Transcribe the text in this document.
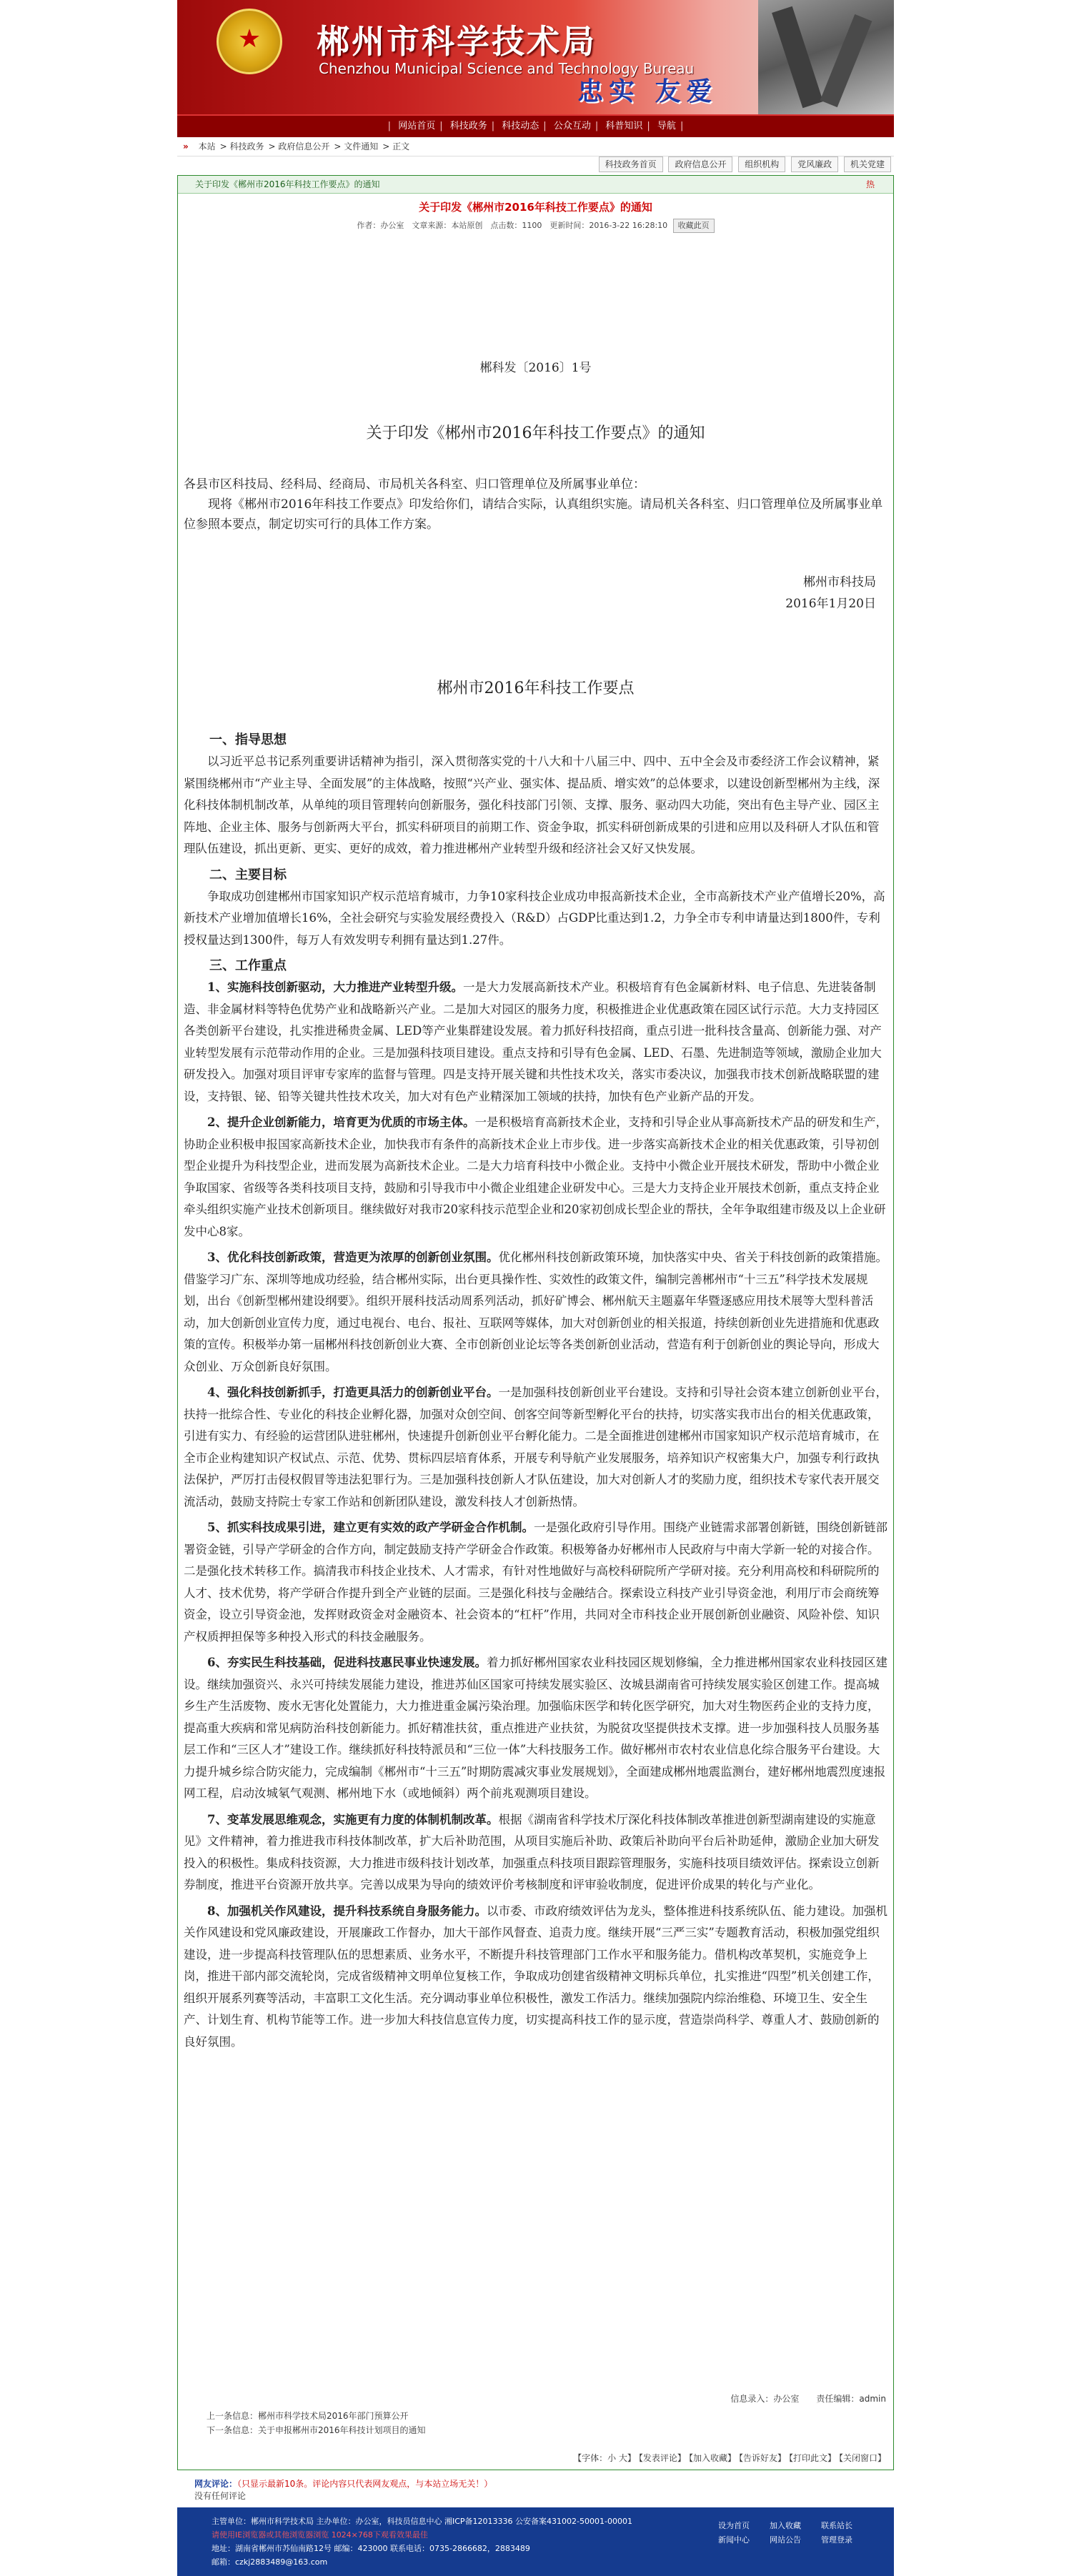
★	郴州市科学技术局
Chenzhou Municipal Science and Technology Bureau
忠实 友爱
| 网站首页 | 科技政务 | 科技动态 | 公众互动 | 科普知识 | 导航 |
» 本站 > 科技政务 > 政府信息公开 > 文件通知 > 正文
科技政务首页 政府信息公开 组织机构 党风廉政 机关党建
关于印发《郴州市2016年科技工作要点》的通知	热
关于印发《郴州市2016年科技工作要点》的通知
作者：办公室　文章来源：本站原创　点击数：1100　更新时间：2016-3-22 16:28:10 收藏此页
郴科发〔2016〕1号
关于印发《郴州市2016年科技工作要点》的通知
各县市区科技局、经科局、经商局、市局机关各科室、归口管理单位及所属事业单位：

现将《郴州市2016年科技工作要点》印发给你们，请结合实际，认真组织实施。请局机关各科室、归口管理单位及所属事业单位参照本要点，制定切实可行的具体工作方案。

郴州市科技局
2016年1月20日
郴州市2016年科技工作要点

一、指导思想

以习近平总书记系列重要讲话精神为指引，深入贯彻落实党的十八大和十八届三中、四中、五中全会及市委经济工作会议精神，紧紧围绕郴州市“产业主导、全面发展”的主体战略，按照“兴产业、强实体、提品质、增实效”的总体要求，以建设创新型郴州为主线，深化科技体制机制改革，从单纯的项目管理转向创新服务，强化科技部门引领、支撑、服务、驱动四大功能，突出有色主导产业、园区主阵地、企业主体、服务与创新两大平台，抓实科研项目的前期工作、资金争取，抓实科研创新成果的引进和应用以及科研人才队伍和管理队伍建设，抓出更新、更实、更好的成效，着力推进郴州产业转型升级和经济社会又好又快发展。

二、主要目标

争取成功创建郴州市国家知识产权示范培育城市，力争10家科技企业成功申报高新技术企业，全市高新技术产业产值增长20%，高新技术产业增加值增长16%，全社会研究与实验发展经费投入（R&D）占GDP比重达到1.2，力争全市专利申请量达到1800件，专利授权量达到1300件，每万人有效发明专利拥有量达到1.27件。

三、工作重点

1、实施科技创新驱动，大力推进产业转型升级。一是大力发展高新技术产业。积极培育有色金属新材料、电子信息、先进装备制造、非金属材料等特色优势产业和战略新兴产业。二是加大对园区的服务力度，积极推进企业优惠政策在园区试行示范。大力支持园区各类创新平台建设，扎实推进稀贵金属、LED等产业集群建设发展。着力抓好科技招商，重点引进一批科技含量高、创新能力强、对产业转型发展有示范带动作用的企业。三是加强科技项目建设。重点支持和引导有色金属、LED、石墨、先进制造等领域，激励企业加大研发投入。加强对项目评审专家库的监督与管理。四是支持开展关键和共性技术攻关，落实市委决议，加强我市技术创新战略联盟的建设，支持银、铋、铅等关键共性技术攻关，加大对有色产业精深加工领域的扶持，加快有色产业新产品的开发。

2、提升企业创新能力，培育更为优质的市场主体。一是积极培育高新技术企业，支持和引导企业从事高新技术产品的研发和生产，协助企业积极申报国家高新技术企业，加快我市有条件的高新技术企业上市步伐。进一步落实高新技术企业的相关优惠政策，引导初创型企业提升为科技型企业，进而发展为高新技术企业。二是大力培育科技中小微企业。支持中小微企业开展技术研发，帮助中小微企业争取国家、省级等各类科技项目支持，鼓励和引导我市中小微企业组建企业研发中心。三是大力支持企业开展技术创新，重点支持企业牵头组织实施产业技术创新项目。继续做好对我市20家科技示范型企业和20家初创成长型企业的帮扶，全年争取组建市级及以上企业研发中心8家。

3、优化科技创新政策，营造更为浓厚的创新创业氛围。优化郴州科技创新政策环境，加快落实中央、省关于科技创新的政策措施。借鉴学习广东、深圳等地成功经验，结合郴州实际，出台更具操作性、实效性的政策文件，编制完善郴州市“十三五”科学技术发展规划，出台《创新型郴州建设纲要》。组织开展科技活动周系列活动，抓好矿博会、郴州航天主题嘉年华暨逐感应用技术展等大型科普活动，加大创新创业宣传力度，通过电视台、电台、报社、互联网等媒体，加大对创新创业的相关报道，持续创新创业先进措施和优惠政策的宣传。积极举办第一届郴州科技创新创业大赛、全市创新创业论坛等各类创新创业活动，营造有利于创新创业的舆论导向，形成大众创业、万众创新良好氛围。

4、强化科技创新抓手，打造更具活力的创新创业平台。一是加强科技创新创业平台建设。支持和引导社会资本建立创新创业平台，扶持一批综合性、专业化的科技企业孵化器，加强对众创空间、创客空间等新型孵化平台的扶持，切实落实我市出台的相关优惠政策，引进有实力、有经验的运营团队进驻郴州，快速提升创新创业平台孵化能力。二是全面推进创建郴州市国家知识产权示范培育城市，在全市企业构建知识产权试点、示范、优势、贯标四层培育体系，开展专利导航产业发展服务，培养知识产权密集大户，加强专利行政执法保护，严厉打击侵权假冒等违法犯罪行为。三是加强科技创新人才队伍建设，加大对创新人才的奖励力度，组织技术专家代表开展交流活动，鼓励支持院士专家工作站和创新团队建设，激发科技人才创新热情。

5、抓实科技成果引进，建立更有实效的政产学研金合作机制。一是强化政府引导作用。围绕产业链需求部署创新链，围绕创新链部署资金链，引导产学研金的合作方向，制定鼓励支持产学研金合作政策。积极筹备办好郴州市人民政府与中南大学新一轮的对接合作。二是强化技术转移工作。搞清我市科技企业技术、人才需求，有针对性地做好与高校科研院所产学研对接。充分利用高校和科研院所的人才、技术优势，将产学研合作提升到全产业链的层面。三是强化科技与金融结合。探索设立科技产业引导资金池，利用厅市会商统筹资金，设立引导资金池，发挥财政资金对金融资本、社会资本的“杠杆”作用，共同对全市科技企业开展创新创业融资、风险补偿、知识产权质押担保等多种投入形式的科技金融服务。

6、夯实民生科技基础，促进科技惠民事业快速发展。着力抓好郴州国家农业科技园区规划修编，全力推进郴州国家农业科技园区建设。继续加强资兴、永兴可持续发展能力建设，推进苏仙区国家可持续发展实验区、汝城县湖南省可持续发展实验区创建工作。提高城乡生产生活废物、废水无害化处置能力，大力推进重金属污染治理。加强临床医学和转化医学研究，加大对生物医药企业的支持力度，提高重大疾病和常见病防治科技创新能力。抓好精准扶贫，重点推进产业扶贫，为脱贫攻坚提供技术支撑。进一步加强科技人员服务基层工作和“三区人才”建设工作。继续抓好科技特派员和“三位一体”大科技服务工作。做好郴州市农村农业信息化综合服务平台建设。大力提升城乡综合防灾能力，完成编制《郴州市“十三五”时期防震减灾事业发展规划》，全面建成郴州地震监测台，建好郴州地震烈度速报网工程，启动汝城氡气观测、郴州地下水（或地倾斜）两个前兆观测项目建设。

7、变革发展思维观念，实施更有力度的体制机制改革。根据《湖南省科学技术厅深化科技体制改革推进创新型湖南建设的实施意见》文件精神，着力推进我市科技体制改革，扩大后补助范围，从项目实施后补助、政策后补助向平台后补助延伸，激励企业加大研发投入的积极性。集成科技资源，大力推进市级科技计划改革，加强重点科技项目跟踪管理服务，实施科技项目绩效评估。探索设立创新券制度，推进平台资源开放共享。完善以成果为导向的绩效评价考核制度和评审验收制度，促进评价成果的转化与产业化。

8、加强机关作风建设，提升科技系统自身服务能力。以市委、市政府绩效评估为龙头，整体推进科技系统队伍、能力建设。加强机关作风建设和党风廉政建设，开展廉政工作督办，加大干部作风督查、追责力度。继续开展“三严三实”专题教育活动，积极加强党组织建设，进一步提高科技管理队伍的思想素质、业务水平，不断提升科技管理部门工作水平和服务能力。借机构改革契机，实施竞争上岗，推进干部内部交流轮岗，完成省级精神文明单位复核工作，争取成功创建省级精神文明标兵单位，扎实推进“四型”机关创建工作，组织开展系列赛等活动，丰富职工文化生活。充分调动事业单位积极性，激发工作活力。继续加强院内综治维稳、环境卫生、安全生产、计划生育、机构节能等工作。进一步加大科技信息宣传力度，切实提高科技工作的显示度，营造崇尚科学、尊重人才、鼓励创新的良好氛围。

信息录入：办公室　　责任编辑：admin
上一条信息：郴州市科学技术局2016年部门预算公开
下一条信息：关于申报郴州市2016年科技计划项目的通知
【字体：小 大】 【发表评论】 【加入收藏】 【告诉好友】 【打印此文】 【关闭窗口】
网友评论：（只显示最新10条。评论内容只代表网友观点，与本站立场无关！）
没有任何评论
主管单位：郴州市科学技术局 主办单位：办公室，科技员信息中心 湘ICP备12013336 公安备案431002-50001-00001
请使用IE浏览器或其他浏览器浏览 1024×768下观看效果最佳
地址：湖南省郴州市苏仙南路12号 邮编：423000 联系电话：0735-2866682，2883489
邮箱：czkj2883489@163.com
设为首页	加入收藏	联系站长
新闻中心	网站公告	管理登录
